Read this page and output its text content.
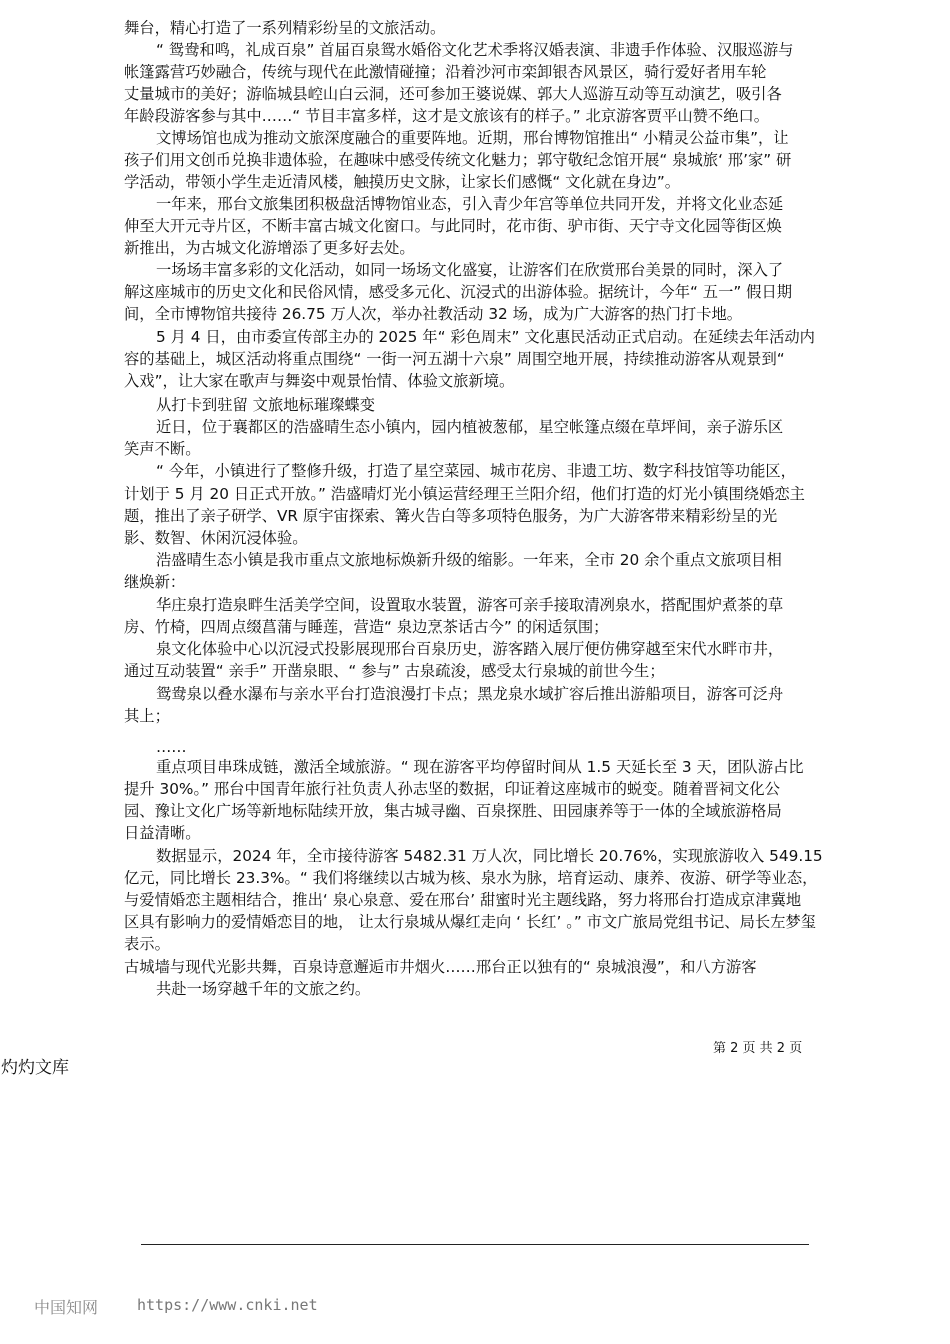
舞台，精心打造了一系列精彩纷呈的文旅活动。
“ 鸳鸯和鸣，礼成百泉” 首届百泉鸳水婚俗文化艺术季将汉婚表演、非遗手作体验、汉服巡游与
帐篷露营巧妙融合，传统与现代在此激情碰撞；沿着沙河市栾卸银杏风景区，骑行爱好者用车轮
丈量城市的美好；游临城县崆山白云洞，还可参加王婆说媒、郭大人巡游互动等互动演艺，吸引各
年龄段游客参与其中……“ 节目丰富多样，这才是文旅该有的样子。” 北京游客贾平山赞不绝口。
文博场馆也成为推动文旅深度融合的重要阵地。近期，邢台博物馆推出“ 小精灵公益市集”，让
孩子们用文创币兑换非遗体验，在趣味中感受传统文化魅力；郭守敬纪念馆开展“ 泉城旅‘ 邢’家” 研
学活动，带领小学生走近清风楼，触摸历史文脉，让家长们感慨“ 文化就在身边”。
一年来，邢台文旅集团积极盘活博物馆业态，引入青少年宫等单位共同开发，并将文化业态延
伸至大开元寺片区，不断丰富古城文化窗口。与此同时，花市街、驴市街、天宁寺文化园等街区焕
新推出，为古城文化游增添了更多好去处。
一场场丰富多彩的文化活动，如同一场场文化盛宴，让游客们在欣赏邢台美景的同时，深入了
解这座城市的历史文化和民俗风情，感受多元化、沉浸式的出游体验。据统计，今年“ 五一” 假日期
间，全市博物馆共接待 26.75 万人次，举办社教活动 32 场，成为广大游客的热门打卡地。
5 月 4 日，由市委宣传部主办的 2025 年“ 彩色周末” 文化惠民活动正式启动。在延续去年活动内
容的基础上，城区活动将重点围绕“ 一街一河五湖十六泉” 周围空地开展，持续推动游客从观景到“
入戏”，让大家在歌声与舞姿中观景怡情、体验文旅新境。
从打卡到驻留 文旅地标璀璨蝶变
近日，位于襄都区的浩盛晴生态小镇内，园内植被葱郁，星空帐篷点缀在草坪间，亲子游乐区
笑声不断。
“ 今年，小镇进行了整修升级，打造了星空菜园、城市花房、非遗工坊、数字科技馆等功能区，
计划于 5 月 20 日正式开放。” 浩盛晴灯光小镇运营经理王兰阳介绍，他们打造的灯光小镇围绕婚恋主
题，推出了亲子研学、VR 原宇宙探索、篝火告白等多项特色服务，为广大游客带来精彩纷呈的光
影、数智、休闲沉浸体验。
浩盛晴生态小镇是我市重点文旅地标焕新升级的缩影。一年来，全市 20 余个重点文旅项目相
继焕新：
华庄泉打造泉畔生活美学空间，设置取水装置，游客可亲手接取清冽泉水，搭配围炉煮茶的草
房、竹椅，四周点缀菖蒲与睡莲，营造“ 泉边烹茶话古今” 的闲适氛围；
泉文化体验中心以沉浸式投影展现邢台百泉历史，游客踏入展厅便仿佛穿越至宋代水畔市井，
通过互动装置“ 亲手” 开凿泉眼、“ 参与” 古泉疏浚，感受太行泉城的前世今生；
鸳鸯泉以叠水瀑布与亲水平台打造浪漫打卡点；黑龙泉水域扩容后推出游船项目，游客可泛舟
其上；
……
重点项目串珠成链，激活全域旅游。“ 现在游客平均停留时间从 1.5 天延长至 3 天，团队游占比
提升 30%。” 邢台中国青年旅行社负责人孙志坚的数据，印证着这座城市的蜕变。随着晋祠文化公
园、豫让文化广场等新地标陆续开放，集古城寻幽、百泉探胜、田园康养等于一体的全域旅游格局
日益清晰。
数据显示，2024 年，全市接待游客 5482.31 万人次，同比增长 20.76%，实现旅游收入 549.15
亿元，同比增长 23.3%。“ 我们将继续以古城为核、泉水为脉，培育运动、康养、夜游、研学等业态，
与爱情婚恋主题相结合，推出‘ 泉心泉意、爱在邢台’ 甜蜜时光主题线路，努力将邢台打造成京津冀地
区具有影响力的爱情婚恋目的地， 让太行泉城从爆红走向 ‘ 长红’ 。” 市文广旅局党组书记、局长左梦玺
表示。
古城墙与现代光影共舞，百泉诗意邂逅市井烟火……邢台正以独有的“ 泉城浪漫”，和八方游客
共赴一场穿越千年的文旅之约。
第 2 页 共 2 页
灼灼文库
中国知网	https://www.cnki.net
